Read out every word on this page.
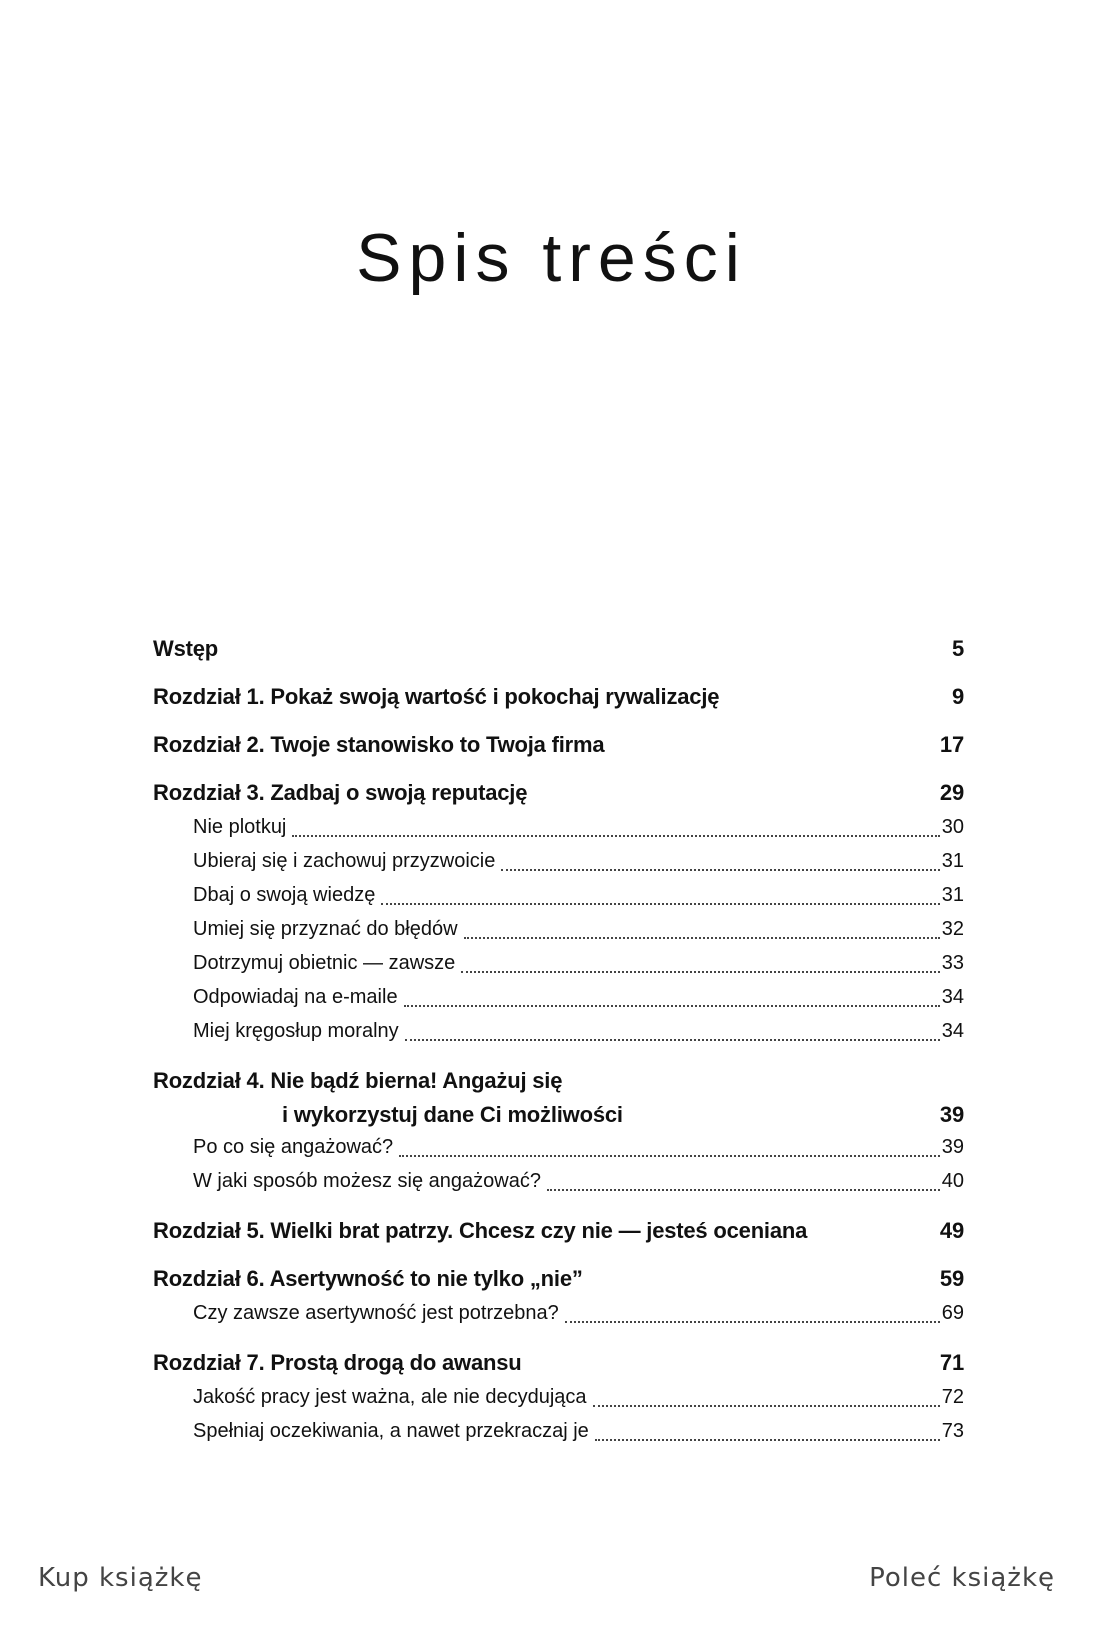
Spis treści
Wstęp	5
Rozdział 1. Pokaż swoją wartość i pokochaj rywalizację	9
Rozdział 2. Twoje stanowisko to Twoja firma	17
Rozdział 3. Zadbaj o swoją reputację	29
Nie plotkuj	30
Ubieraj się i zachowuj przyzwoicie	31
Dbaj o swoją wiedzę	31
Umiej się przyznać do błędów	32
Dotrzymuj obietnic — zawsze	33
Odpowiadaj na e-maile	34
Miej kręgosłup moralny	34
Rozdział 4. Nie bądź bierna! Angażuj się
i wykorzystuj dane Ci możliwości	39
Po co się angażować?	39
W jaki sposób możesz się angażować?	40
Rozdział 5. Wielki brat patrzy. Chcesz czy nie — jesteś oceniana	49
Rozdział 6. Asertywność to nie tylko „nie”	59
Czy zawsze asertywność jest potrzebna?	69
Rozdział 7. Prostą drogą do awansu	71
Jakość pracy jest ważna, ale nie decydująca	72
Spełniaj oczekiwania, a nawet przekraczaj je	73
Kup książkę	Poleć książkę
